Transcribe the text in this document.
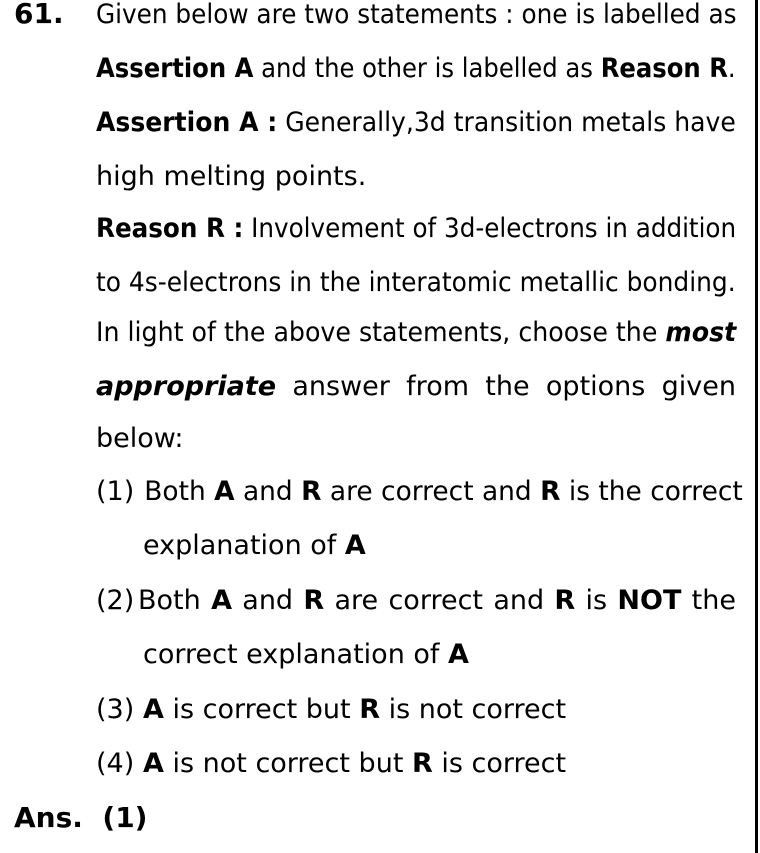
61. Given below are two statements : one is labelled as
Assertion A and the other is labelled as Reason R.
Assertion A : Generally,3d transition metals have
high melting points.
Reason R : Involvement of 3d-electrons in addition
to 4s-electrons in the interatomic metallic bonding.
In light of the above statements, choose the most
appropriate answer from the options given
below:
(1) Both A and R are correct and R is the correct
explanation of A
(2) Both A and R are correct and R is NOT the
correct explanation of A
(3) A is correct but R is not correct
(4) A is not correct but R is correct
Ans. (1)
